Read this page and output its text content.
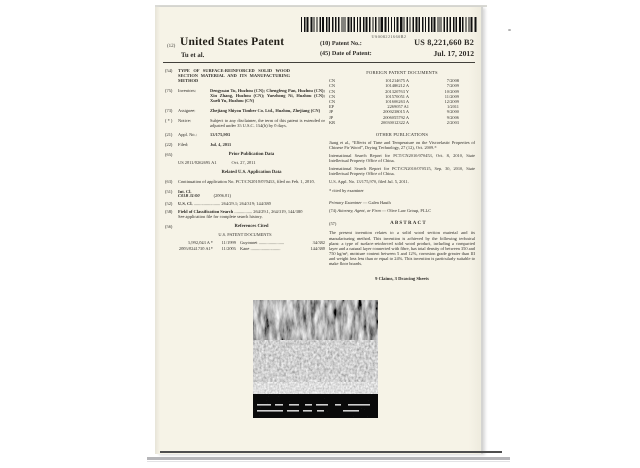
US008221660B2
(12) United States Patent
Tu et al.
(10) Patent No.:	US 8,221,660 B2
(45) Date of Patent:	Jul. 17, 2012
(54)	TYPE OF SURFACE-REINFORCED SOLID WOOD SECTION MATERIAL AND ITS MANUFACTURING METHOD
(75)	Inventors:	Dengyuan Tu, Huzhou (CN); Chengfeng Pan, Huzhou (CN); Xin Zhang, Huzhou (CN); Yuezhong Ni, Huzhou (CN); Xueli Yu, Huzhou (CN)
(73)	Assignee:	Zhejiang Shiyou Timber Co. Ltd., Huzhou, Zhejiang (CN)
( * )	Notice:	Subject to any disclaimer, the term of this patent is extended or adjusted under 35 U.S.C. 154(b) by 0 days.
(21)	Appl. No.:	13/175,903
(22)	Filed:	Jul. 4, 2011
(65)	Prior Publication Data
US 2011/0262695 A1	Oct. 27, 2011
Related U.S. Application Data
(63)	Continuation of application No. PCT/CN2010/070453, filed on Feb. 1, 2010.
(51)	Int. Cl.
C01B 31/00	(2006.01)
(52)	U.S. Cl. ........................ 264/29.1; 264/319; 144/380
(58)	Field of Classification Search ................ 264/29.1, 264/319, 144/380
See application file for complete search history.
(56)	References Cited
U.S. PATENT DOCUMENTS
5,992,043 A *	11/1999 Guyonnet .......................	34/382
2005/0241730 A1*	11/2005 Kane ...........................	144/380
FOREIGN PATENT DOCUMENTS
CN	101214675 A	7/2008
CN	101486212 A	7/2009
CN	201320763 Y	10/2009
CN	101570051 A	11/2009
CN	101606263 A	12/2009
EP	2269057 A1	1/2011
JP	2000238015 A	9/2000
JP	2006055792 A	9/2006
KR	20030012322 A	2/2003
OTHER PUBLICATIONS
Jiang et al., “Effects of Time and Temperature on the Viscoelastic Properties of Chinese Fir Wood”, Drying Technology, 27 (12), Oct. 2009.*
International Search Report for PCT/CN2010/070453, Oct. 8, 2010, State Intellectual Property Office of China.
International Search Report for PCT/CN2010/070515, Sep. 30, 2010, State Intellectual Property Office of China.
U.S. Appl. No. 13/175,970, filed Jul. 5, 2011.
* cited by examiner
Primary Examiner — Galen Hauth
(74) Attorney, Agent, or Firm — Olive Law Group, PLLC
(57)	ABSTRACT
The present invention relates to a solid wood section material and its manufacturing method. This invention is achieved by the following technical plans: a type of surface-reinforced solid wood product, including a compacted layer and a natural layer connected with fibre, has total density of between 350 and 750 kg/m³, moisture content between 5 and 12%, corrosion grade greater than III and weight loss less than or equal to 24%. This invention is particularly suitable to make floor boards.
9 Claims, 3 Drawing Sheets
